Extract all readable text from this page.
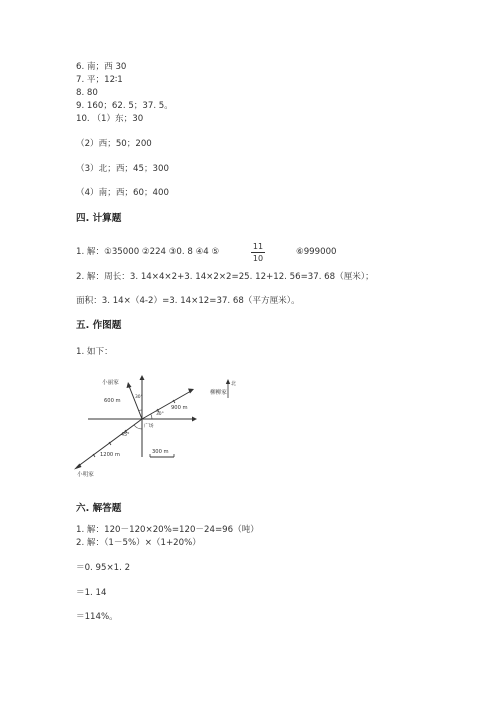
6. 南；西 30
7. 平；12∶1
8. 80
9. 160；62. 5；37. 5。
10. （1）东；30
（2）西；50；200
（3）北；西；45；300
（4）南；西；60；400
四. 计算题
1. 解：①35000 ②224 ③0. 8 ④4 ⑤
11
10
⑥999000
2. 解：周长：3. 14×4×2+3. 14×2×2=25. 12+12. 56=37. 68（厘米）；
面积：3. 14×（4-2）=3. 14×12=37. 68（平方厘米）。
五. 作图题
1. 如下：
小丽家
600 m
30°
柳柳家
900 m
30°
广场
45°
1200 m
小明家
300 m
北
六. 解答题
1. 解：120－120×20%=120－24=96（吨）
2. 解：（1－5%）×（1+20%）
＝0. 95×1. 2
＝1. 14
＝114%。
